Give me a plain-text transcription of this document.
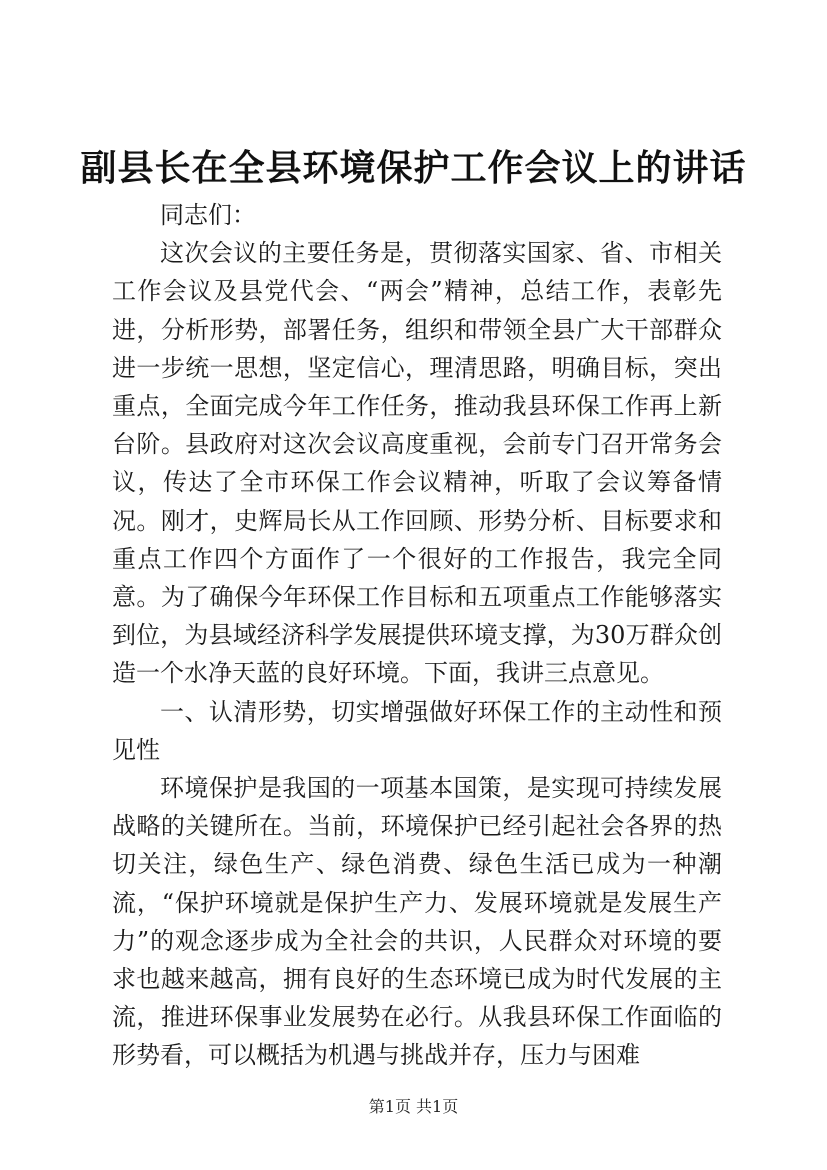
副县长在全县环境保护工作会议上的讲话

同志们：

这次会议的主要任务是，贯彻落实国家、省、市相关工作会议及县党代会、“两会”精神，总结工作，表彰先进，分析形势，部署任务，组织和带领全县广大干部群众进一步统一思想，坚定信心，理清思路，明确目标，突出重点，全面完成今年工作任务，推动我县环保工作再上新台阶。县政府对这次会议高度重视，会前专门召开常务会议，传达了全市环保工作会议精神，听取了会议筹备情况。刚才，史辉局长从工作回顾、形势分析、目标要求和重点工作四个方面作了一个很好的工作报告，我完全同意。为了确保今年环保工作目标和五项重点工作能够落实到位，为县域经济科学发展提供环境支撑，为30万群众创造一个水净天蓝的良好环境。下面，我讲三点意见。

一、认清形势，切实增强做好环保工作的主动性和预见性

环境保护是我国的一项基本国策，是实现可持续发展战略的关键所在。当前，环境保护已经引起社会各界的热切关注，绿色生产、绿色消费、绿色生活已成为一种潮流，“保护环境就是保护生产力、发展环境就是发展生产力”的观念逐步成为全社会的共识，人民群众对环境的要求也越来越高，拥有良好的生态环境已成为时代发展的主流，推进环保事业发展势在必行。从我县环保工作面临的形势看，可以概括为机遇与挑战并存，压力与困难

第1页 共1页
